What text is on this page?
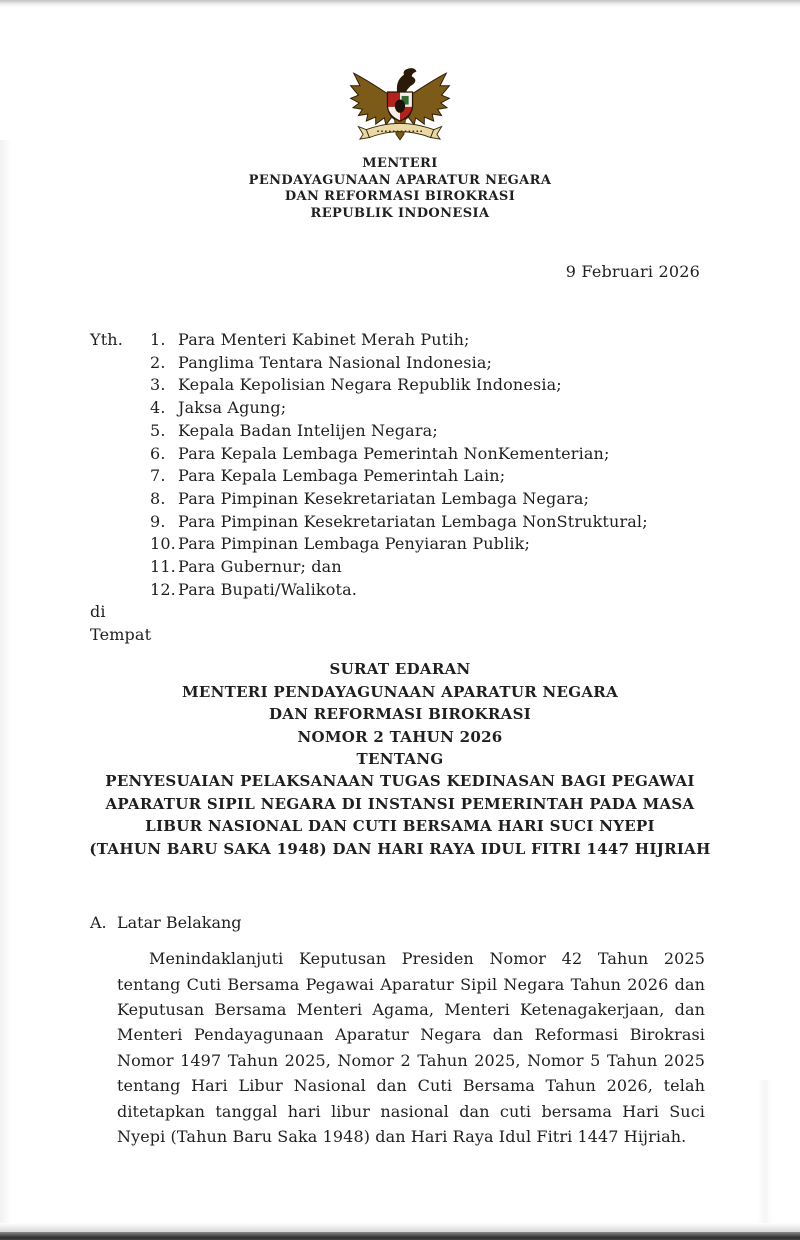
MENTERI
PENDAYAGUNAAN APARATUR NEGARA
DAN REFORMASI BIROKRASI
REPUBLIK INDONESIA
9 Februari 2026
Yth.	1. Para Menteri Kabinet Merah Putih;
2. Panglima Tentara Nasional Indonesia;
3. Kepala Kepolisian Negara Republik Indonesia;
4. Jaksa Agung;
5. Kepala Badan Intelijen Negara;
6. Para Kepala Lembaga Pemerintah NonKementerian;
7. Para Kepala Lembaga Pemerintah Lain;
8. Para Pimpinan Kesekretariatan Lembaga Negara;
9. Para Pimpinan Kesekretariatan Lembaga NonStruktural;
10. Para Pimpinan Lembaga Penyiaran Publik;
11. Para Gubernur; dan
12. Para Bupati/Walikota.
di
Tempat
SURAT EDARAN
MENTERI PENDAYAGUNAAN APARATUR NEGARA
DAN REFORMASI BIROKRASI
NOMOR 2 TAHUN 2026
TENTANG
PENYESUAIAN PELAKSANAAN TUGAS KEDINASAN BAGI PEGAWAI
APARATUR SIPIL NEGARA DI INSTANSI PEMERINTAH PADA MASA
LIBUR NASIONAL DAN CUTI BERSAMA HARI SUCI NYEPI
(TAHUN BARU SAKA 1948) DAN HARI RAYA IDUL FITRI 1447 HIJRIAH
A. Latar Belakang

Menindaklanjuti Keputusan Presiden Nomor 42 Tahun 2025 tentang Cuti Bersama Pegawai Aparatur Sipil Negara Tahun 2026 dan Keputusan Bersama Menteri Agama, Menteri Ketenagakerjaan, dan Menteri Pendayagunaan Aparatur Negara dan Reformasi Birokrasi Nomor 1497 Tahun 2025, Nomor 2 Tahun 2025, Nomor 5 Tahun 2025 tentang Hari Libur Nasional dan Cuti Bersama Tahun 2026, telah ditetapkan tanggal hari libur nasional dan cuti bersama Hari Suci Nyepi (Tahun Baru Saka 1948) dan Hari Raya Idul Fitri 1447 Hijriah.
